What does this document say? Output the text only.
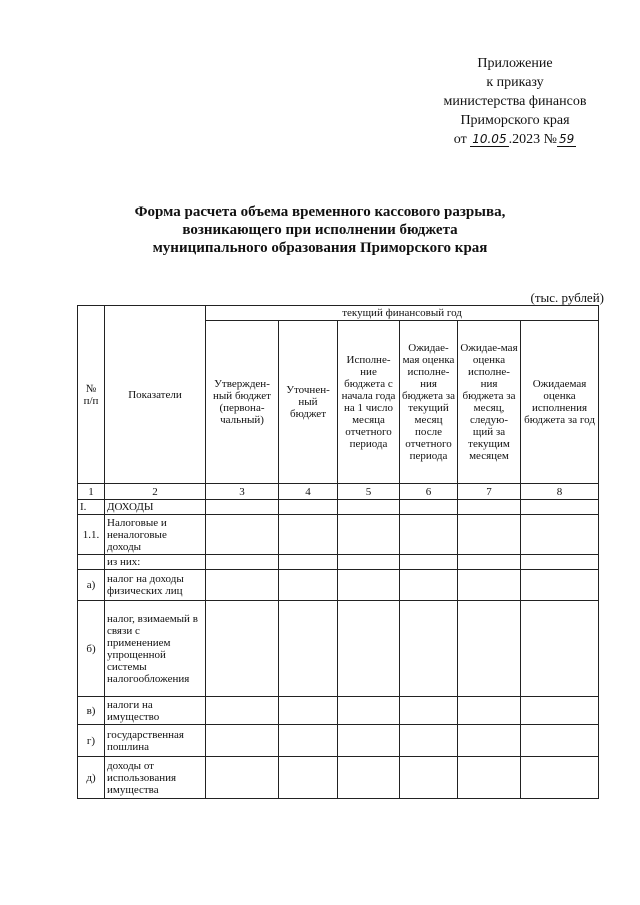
Приложение
к приказу
министерства финансов
Приморского края
от 10.05 .2023 № 59
Форма расчета объема временного кассового разрыва,
возникающего при исполнении бюджета
муниципального образования Приморского края
(тыс. рублей)
№ п/п	Показатели	текущий финансовый год					
		Утвержден-ный бюджет (первона-чальный)	Уточнен-ный бюджет	Исполне-ние бюджета с начала года на 1 число месяца отчетного периода	Ожидае-мая оценка исполне-ния бюджета за текущий месяц после отчетного периода	Ожидае-мая оценка исполне-ния бюджета за месяц, следую-щий за текущим месяцем	Ожидаемая оценка исполнения бюджета за год
1	2	3	4	5	6	7	8
I.	ДОХОДЫ						
1.1.	Налоговые и неналоговые доходы						
	из них:						
а)	налог на доходы физических лиц						
б)	налог, взимаемый в связи с применением упрощенной системы налогообложения						
в)	налоги на имущество						
г)	государственная пошлина						
д)	доходы от использования имущества						
